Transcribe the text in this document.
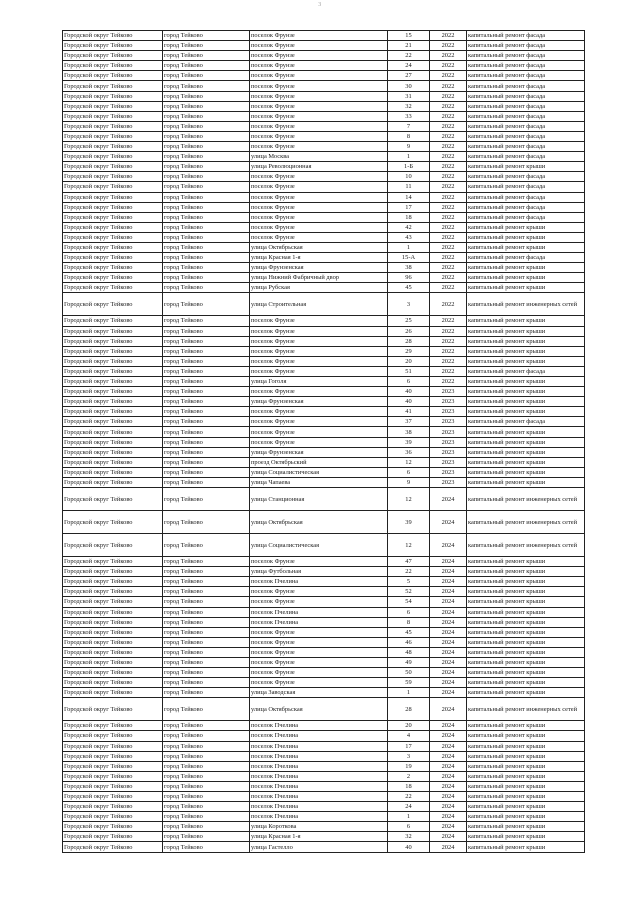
3
Городской округ Тейково	город Тейково	поселок Фрунзе	15	2022	капитальный ремонт фасада
Городской округ Тейково	город Тейково	поселок Фрунзе	21	2022	капитальный ремонт фасада
Городской округ Тейково	город Тейково	поселок Фрунзе	22	2022	капитальный ремонт фасада
Городской округ Тейково	город Тейково	поселок Фрунзе	24	2022	капитальный ремонт фасада
Городской округ Тейково	город Тейково	поселок Фрунзе	27	2022	капитальный ремонт фасада
Городской округ Тейково	город Тейково	поселок Фрунзе	30	2022	капитальный ремонт фасада
Городской округ Тейково	город Тейково	поселок Фрунзе	31	2022	капитальный ремонт фасада
Городской округ Тейково	город Тейково	поселок Фрунзе	32	2022	капитальный ремонт фасада
Городской округ Тейково	город Тейково	поселок Фрунзе	33	2022	капитальный ремонт фасада
Городской округ Тейково	город Тейково	поселок Фрунзе	7	2022	капитальный ремонт фасада
Городской округ Тейково	город Тейково	поселок Фрунзе	8	2022	капитальный ремонт фасада
Городской округ Тейково	город Тейково	поселок Фрунзе	9	2022	капитальный ремонт фасада
Городской округ Тейково	город Тейково	улица Москва	1	2022	капитальный ремонт фасада
Городской округ Тейково	город Тейково	улица Революционная	1-Б	2022	капитальный ремонт крыши
Городской округ Тейково	город Тейково	поселок Фрунзе	10	2022	капитальный ремонт фасада
Городской округ Тейково	город Тейково	поселок Фрунзе	11	2022	капитальный ремонт фасада
Городской округ Тейково	город Тейково	поселок Фрунзе	14	2022	капитальный ремонт фасада
Городской округ Тейково	город Тейково	поселок Фрунзе	17	2022	капитальный ремонт фасада
Городской округ Тейково	город Тейково	поселок Фрунзе	18	2022	капитальный ремонт фасада
Городской округ Тейково	город Тейково	поселок Фрунзе	42	2022	капитальный ремонт крыши
Городской округ Тейково	город Тейково	поселок Фрунзе	43	2022	капитальный ремонт крыши
Городской округ Тейково	город Тейково	улица Октябрьская	1	2022	капитальный ремонт крыши
Городской округ Тейково	город Тейково	улица Красная 1-я	15-А	2022	капитальный ремонт фасада
Городской округ Тейково	город Тейково	улица Фрунзенская	38	2022	капитальный ремонт крыши
Городской округ Тейково	город Тейково	улица Нижний Фабричный двор	96	2022	капитальный ремонт крыши
Городской округ Тейково	город Тейково	улица Рубская	45	2022	капитальный ремонт крыши
Городской округ Тейково	город Тейково	улица Строительная	3	2022	капитальный ремонт инженерных сетей
Городской округ Тейково	город Тейково	поселок Фрунзе	25	2022	капитальный ремонт крыши
Городской округ Тейково	город Тейково	поселок Фрунзе	26	2022	капитальный ремонт крыши
Городской округ Тейково	город Тейково	поселок Фрунзе	28	2022	капитальный ремонт крыши
Городской округ Тейково	город Тейково	поселок Фрунзе	29	2022	капитальный ремонт крыши
Городской округ Тейково	город Тейково	поселок Фрунзе	20	2022	капитальный ремонт крыши
Городской округ Тейково	город Тейково	поселок Фрунзе	51	2022	капитальный ремонт фасада
Городской округ Тейково	город Тейково	улица Гоголя	6	2022	капитальный ремонт крыши
Городской округ Тейково	город Тейково	поселок Фрунзе	40	2023	капитальный ремонт крыши
Городской округ Тейково	город Тейково	улица Фрунзенская	40	2023	капитальный ремонт крыши
Городской округ Тейково	город Тейково	поселок Фрунзе	41	2023	капитальный ремонт крыши
Городской округ Тейково	город Тейково	поселок Фрунзе	37	2023	капитальный ремонт фасада
Городской округ Тейково	город Тейково	поселок Фрунзе	38	2023	капитальный ремонт крыши
Городской округ Тейково	город Тейково	поселок Фрунзе	39	2023	капитальный ремонт крыши
Городской округ Тейково	город Тейково	улица Фрунзенская	36	2023	капитальный ремонт крыши
Городской округ Тейково	город Тейково	проезд Октябрьский	12	2023	капитальный ремонт крыши
Городской округ Тейково	город Тейково	улица Социалистическая	6	2023	капитальный ремонт крыши
Городской округ Тейково	город Тейково	улица Чапаева	9	2023	капитальный ремонт крыши
Городской округ Тейково	город Тейково	улица Станционная	12	2024	капитальный ремонт инженерных сетей
Городской округ Тейково	город Тейково	улица Октябрьская	39	2024	капитальный ремонт инженерных сетей
Городской округ Тейково	город Тейково	улица Социалистическая	12	2024	капитальный ремонт инженерных сетей
Городской округ Тейково	город Тейково	поселок Фрунзе	47	2024	капитальный ремонт крыши
Городской округ Тейково	город Тейково	улица Футбольная	22	2024	капитальный ремонт крыши
Городской округ Тейково	город Тейково	поселок Пчелина	5	2024	капитальный ремонт крыши
Городской округ Тейково	город Тейково	поселок Фрунзе	52	2024	капитальный ремонт крыши
Городской округ Тейково	город Тейково	поселок Фрунзе	54	2024	капитальный ремонт крыши
Городской округ Тейково	город Тейково	поселок Пчелина	6	2024	капитальный ремонт крыши
Городской округ Тейково	город Тейково	поселок Пчелина	8	2024	капитальный ремонт крыши
Городской округ Тейково	город Тейково	поселок Фрунзе	45	2024	капитальный ремонт крыши
Городской округ Тейково	город Тейково	поселок Фрунзе	46	2024	капитальный ремонт крыши
Городской округ Тейково	город Тейково	поселок Фрунзе	48	2024	капитальный ремонт крыши
Городской округ Тейково	город Тейково	поселок Фрунзе	49	2024	капитальный ремонт крыши
Городской округ Тейково	город Тейково	поселок Фрунзе	50	2024	капитальный ремонт крыши
Городской округ Тейково	город Тейково	поселок Фрунзе	59	2024	капитальный ремонт крыши
Городской округ Тейково	город Тейково	улица Заводская	1	2024	капитальный ремонт крыши
Городской округ Тейково	город Тейково	улица Октябрьская	28	2024	капитальный ремонт инженерных сетей
Городской округ Тейково	город Тейково	поселок Пчелина	20	2024	капитальный ремонт крыши
Городской округ Тейково	город Тейково	поселок Пчелина	4	2024	капитальный ремонт крыши
Городской округ Тейково	город Тейково	поселок Пчелина	17	2024	капитальный ремонт крыши
Городской округ Тейково	город Тейково	поселок Пчелина	3	2024	капитальный ремонт крыши
Городской округ Тейково	город Тейково	поселок Пчелина	19	2024	капитальный ремонт крыши
Городской округ Тейково	город Тейково	поселок Пчелина	2	2024	капитальный ремонт крыши
Городской округ Тейково	город Тейково	поселок Пчелина	18	2024	капитальный ремонт крыши
Городской округ Тейково	город Тейково	поселок Пчелина	22	2024	капитальный ремонт крыши
Городской округ Тейково	город Тейково	поселок Пчелина	24	2024	капитальный ремонт крыши
Городской округ Тейково	город Тейково	поселок Пчелина	1	2024	капитальный ремонт крыши
Городской округ Тейково	город Тейково	улица Короткова	6	2024	капитальный ремонт крыши
Городской округ Тейково	город Тейково	улица Красная 1-я	32	2024	капитальный ремонт крыши
Городской округ Тейково	город Тейково	улица Гастелло	40	2024	капитальный ремонт крыши
